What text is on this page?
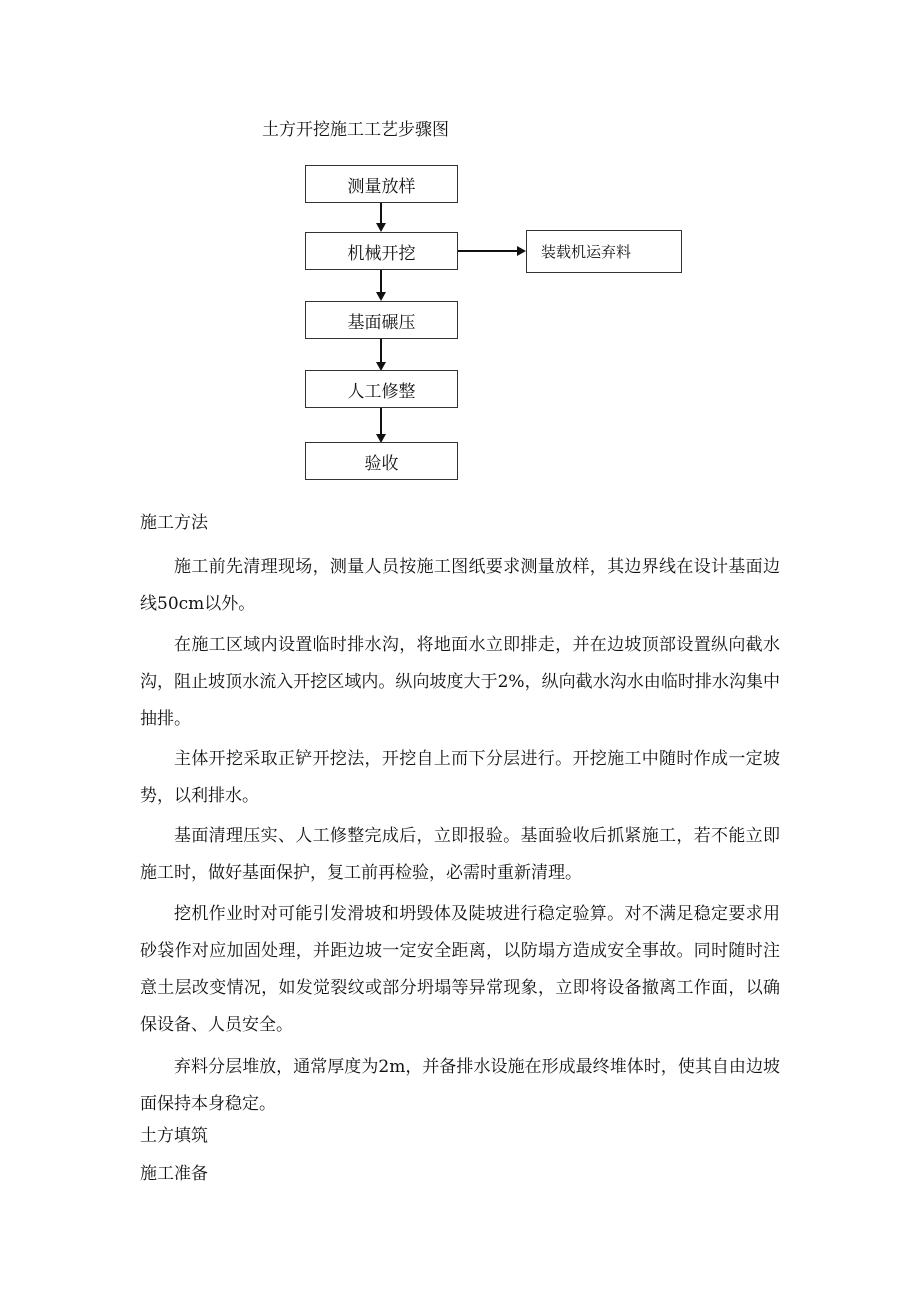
土方开挖施工工艺步骤图
测量放样
机械开挖	装载机运弃料
基面碾压
人工修整
验收
施工方法

施工前先清理现场，测量人员按施工图纸要求测量放样，其边界线在设计基面边线50cm以外。

在施工区域内设置临时排水沟，将地面水立即排走，并在边坡顶部设置纵向截水沟，阻止坡顶水流入开挖区域内。纵向坡度大于2%，纵向截水沟水由临时排水沟集中抽排。

主体开挖采取正铲开挖法，开挖自上而下分层进行。开挖施工中随时作成一定坡势，以利排水。

基面清理压实、人工修整完成后，立即报验。基面验收后抓紧施工，若不能立即施工时，做好基面保护，复工前再检验，必需时重新清理。

挖机作业时对可能引发滑坡和坍毁体及陡坡进行稳定验算。对不满足稳定要求用砂袋作对应加固处理，并距边坡一定安全距离，以防塌方造成安全事故。同时随时注意土层改变情况，如发觉裂纹或部分坍塌等异常现象，立即将设备撤离工作面，以确保设备、人员安全。

弃料分层堆放，通常厚度为2m，并备排水设施在形成最终堆体时，使其自由边坡面保持本身稳定。

土方填筑
施工准备
